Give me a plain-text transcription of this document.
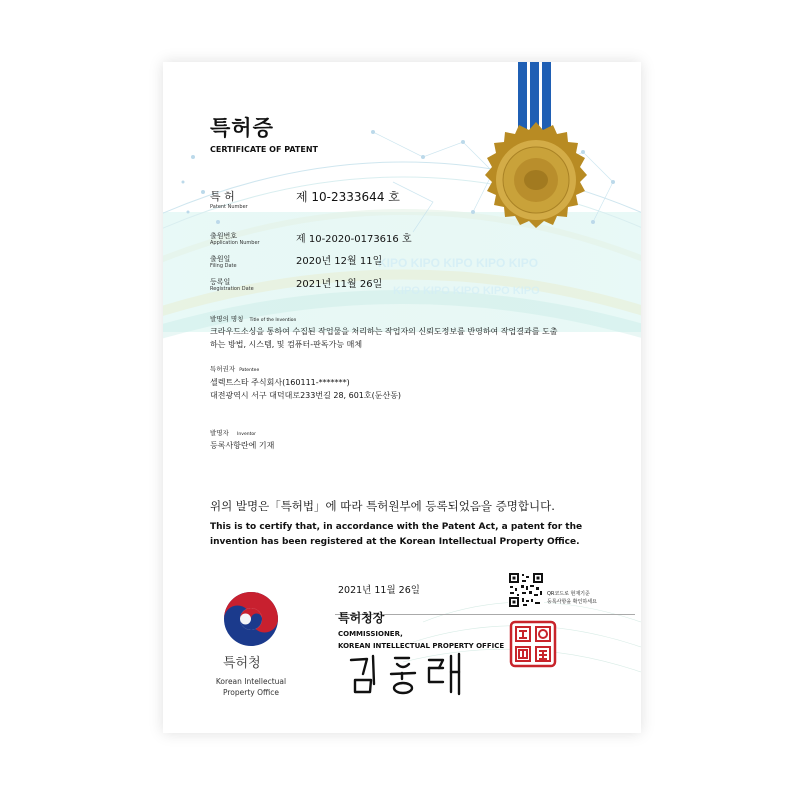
KIPO KIPO KIPO KIPO KIPO
KIPO KIPO KIPO KIPO KIPO
특허증
CERTIFICATE OF PATENT
특 허
Patent Number
제 10-2333644 호
출원번호
Application Number	제 10-2020-0173616 호
출원일
Filing Date	2020년 12월 11일
등록일
Registration Date	2021년 11월 26일
발명의 명칭 Title of the Invention
크라우드소싱을 통하여 수집된 작업물을 처리하는 작업자의 신뢰도정보를 반영하여 작업결과를 도출
하는 방법, 시스템, 및 컴퓨터-판독가능 매체
특허권자 Patentee
셀렉트스타 주식회사(160111-*******)
대전광역시 서구 대덕대로233번길 28, 601호(둔산동)
발명자 Inventor
등록사항란에 기재
위의 발명은「특허법」에 따라 특허원부에 등록되었음을 증명합니다.
This is to certify that, in accordance with the Patent Act, a patent for the
invention has been registered at the Korean Intellectual Property Office.
2021년 11월 26일	QR코드로 현재기준
등록사항을 확인하세요
특허청장
COMMISSIONER,
KOREAN INTELLECTUAL PROPERTY OFFICE
특허청
Korean Intellectual
Property Office
